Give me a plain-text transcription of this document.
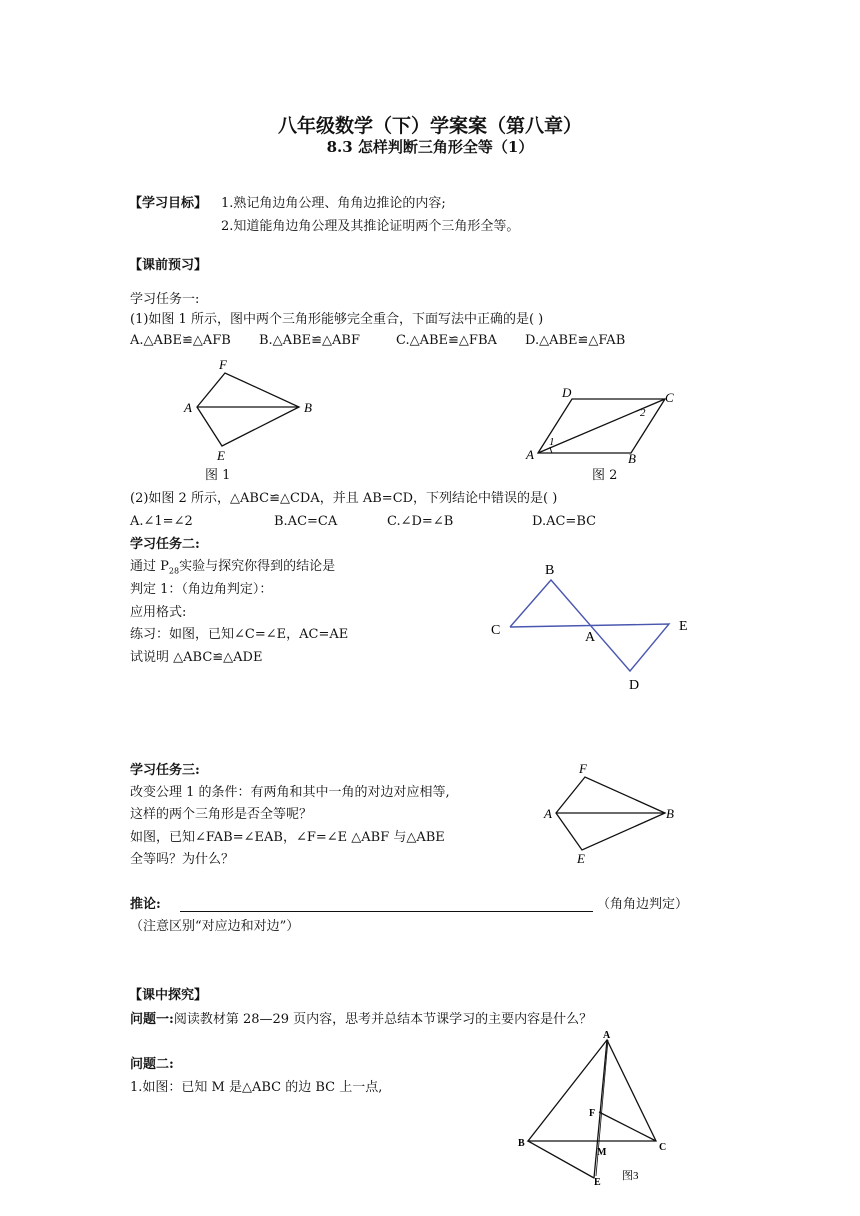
八年级数学（下）学案案（第八章）
8.3 怎样判断三角形全等（1）
【学习目标】 1.熟记角边角公理、角角边推论的内容;
2.知道能角边角公理及其推论证明两个三角形全等。
【课前预习】
学习任务一:
(1)如图 1 所示，图中两个三角形能够完全重合，下面写法中正确的是( )
A.△ABE≌△AFB B.△ABE≌△ABF	C.△ABE≌△FBA D.△ABE≌△FAB
F
A	B
E
图 1
A
D	C
B
1
2
图 2
(2)如图 2 所示，△ABC≌△CDA，并且 AB=CD，下列结论中错误的是( )
A.∠1=∠2	B.AC=CA	C.∠D=∠B	D.AC=BC
学习任务二:
通过 $P_{28}$实验与探究你得到的结论是
判定 1：（角边角判定）：
应用格式:
练习：如图，已知∠C=∠E，AC=AE
试说明 △ABC≌△ADE
B
C	A
E
D
学习任务三:
改变公理 1 的条件：有两角和其中一角的对边对应相等,
这样的两个三角形是否全等呢？
如图，已知∠FAB=∠EAB，∠F=∠E △ABF 与△ABE
全等吗？为什么？
F
A	B
E
推论:	（角角边判定）
（注意区别“对应边和对边”）
【课中探究】
问题一:阅读教材第 28—29 页内容，思考并总结本节课学习的主要内容是什么？
问题二:
1.如图：已知 M 是△ABC 的边 BC 上一点,
A
B	C
F
M
E
图3
